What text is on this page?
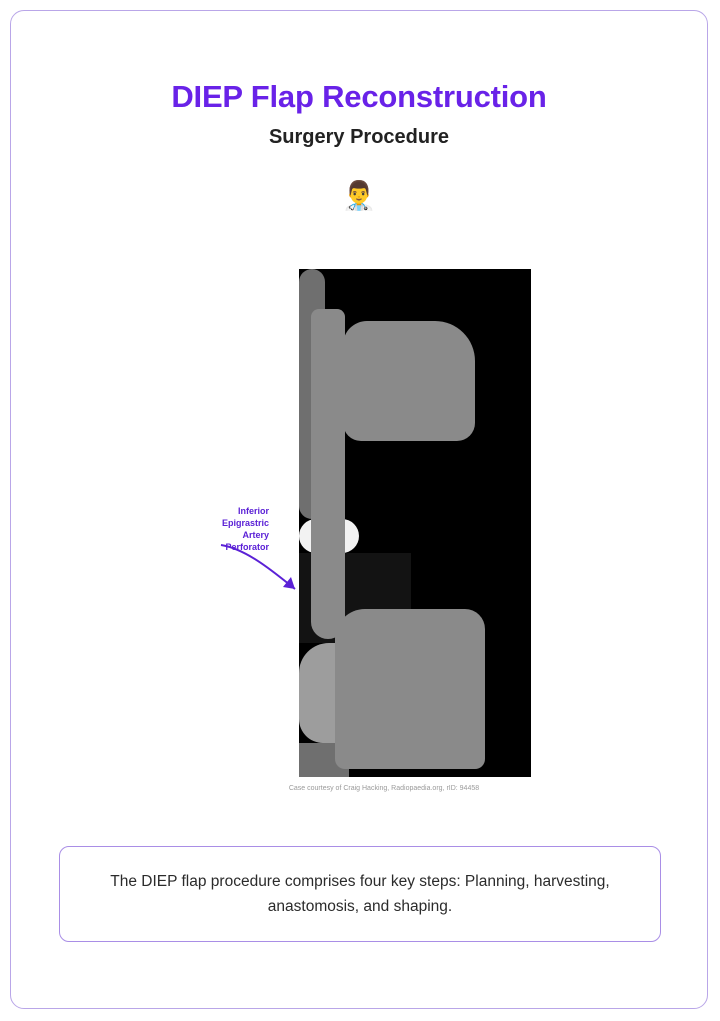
DIEP Flap Reconstruction
Surgery Procedure
👨‍⚕️
Inferior
Epigrastric
Artery
Perforator
Case courtesy of Craig Hacking, Radiopaedia.org, rID: 94458
The DIEP flap procedure comprises four key steps: Planning, harvesting, anastomosis, and shaping.
